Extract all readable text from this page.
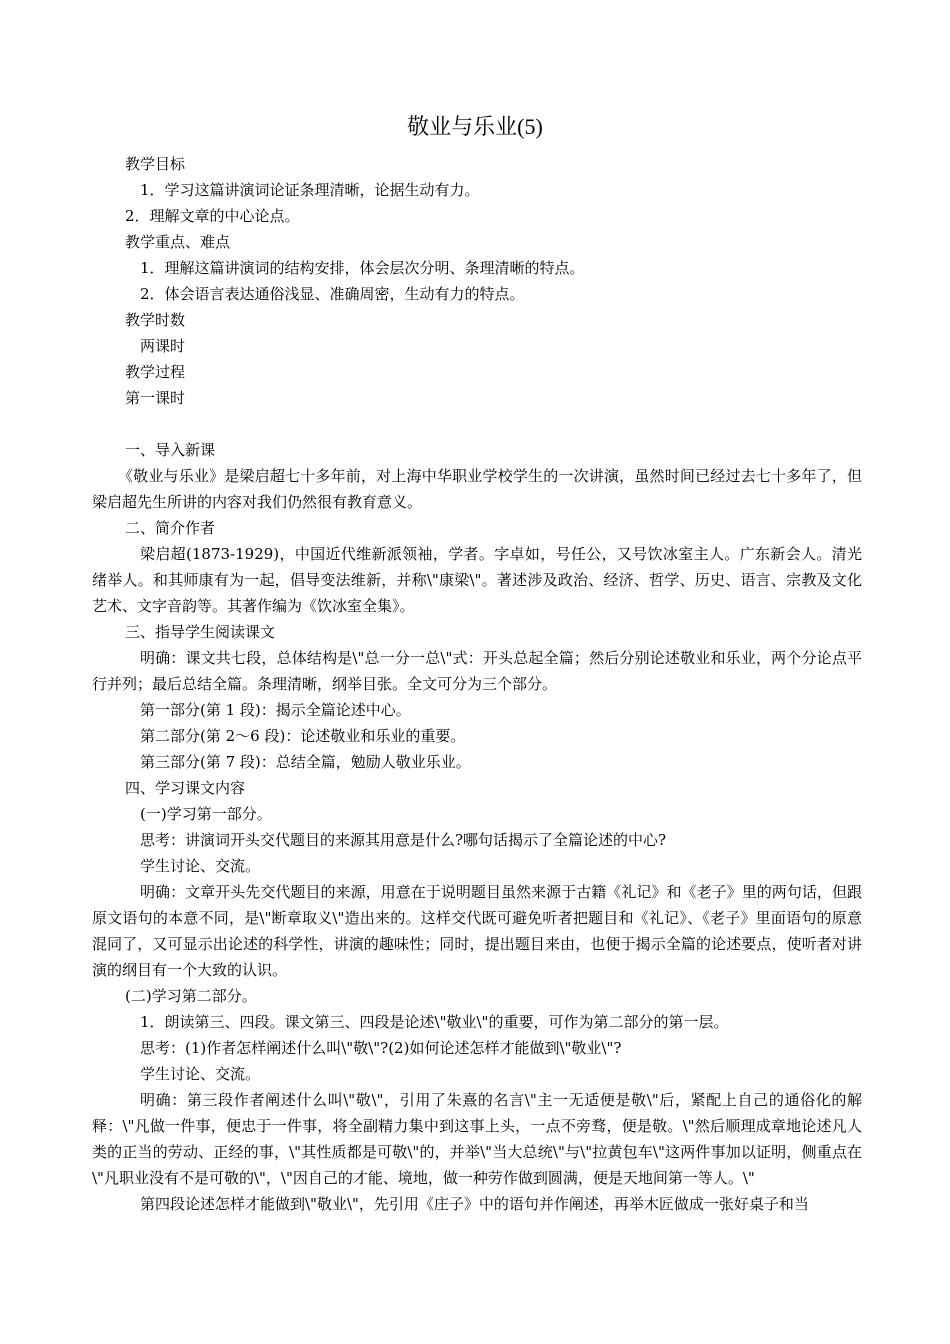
敬业与乐业(5)

教学目标

1．学习这篇讲演词论证条理清晰，论据生动有力。

2．理解文章的中心论点。

教学重点、难点

1．理解这篇讲演词的结构安排，体会层次分明、条理清晰的特点。

2．体会语言表达通俗浅显、准确周密，生动有力的特点。

教学时数

两课时

教学过程

第一课时

一、导入新课

《敬业与乐业》是梁启超七十多年前，对上海中华职业学校学生的一次讲演，虽然时间已经过去七十多年了，但梁启超先生所讲的内容对我们仍然很有教育意义。

二、简介作者

梁启超(1873-1929)，中国近代维新派领袖，学者。字卓如，号任公，又号饮冰室主人。广东新会人。清光绪举人。和其师康有为一起，倡导变法维新，并称\"康梁\"。著述涉及政治、经济、哲学、历史、语言、宗教及文化艺术、文字音韵等。其著作编为《饮冰室全集》。

三、指导学生阅读课文

明确：课文共七段，总体结构是\"总一分一总\"式：开头总起全篇；然后分别论述敬业和乐业，两个分论点平行并列；最后总结全篇。条理清晰，纲举目张。全文可分为三个部分。

第一部分(第 1 段)：揭示全篇论述中心。

第二部分(第 2～6 段)：论述敬业和乐业的重要。

第三部分(第 7 段)：总结全篇，勉励人敬业乐业。

四、学习课文内容

(一)学习第一部分。

思考：讲演词开头交代题目的来源其用意是什么?哪句话揭示了全篇论述的中心?

学生讨论、交流。

明确：文章开头先交代题目的来源，用意在于说明题目虽然来源于古籍《礼记》和《老子》里的两句话，但跟原文语句的本意不同，是\"断章取义\"造出来的。这样交代既可避免听者把题目和《礼记》、《老子》里面语句的原意混同了，又可显示出论述的科学性，讲演的趣味性；同时，提出题目来由，也便于揭示全篇的论述要点，使听者对讲演的纲目有一个大致的认识。

(二)学习第二部分。

1．朗读第三、四段。课文第三、四段是论述\"敬业\"的重要，可作为第二部分的第一层。

思考：(1)作者怎样阐述什么叫\"敬\"?(2)如何论述怎样才能做到\"敬业\"?

学生讨论、交流。

明确：第三段作者阐述什么叫\"敬\"，引用了朱熹的名言\"主一无适便是敬\"后，紧配上自己的通俗化的解释：\"凡做一件事，便忠于一件事，将全副精力集中到这事上头，一点不旁骛，便是敬。\"然后顺理成章地论述凡人类的正当的劳动、正经的事，\"其性质都是可敬\"的，并举\"当大总统\"与\"拉黄包车\"这两件事加以证明，侧重点在\"凡职业没有不是可敬的\"，\"因自己的才能、境地，做一种劳作做到圆满，便是天地间第一等人。\"

第四段论述怎样才能做到\"敬业\"，先引用《庄子》中的语句并作阐述，再举木匠做成一张好桌子和当
